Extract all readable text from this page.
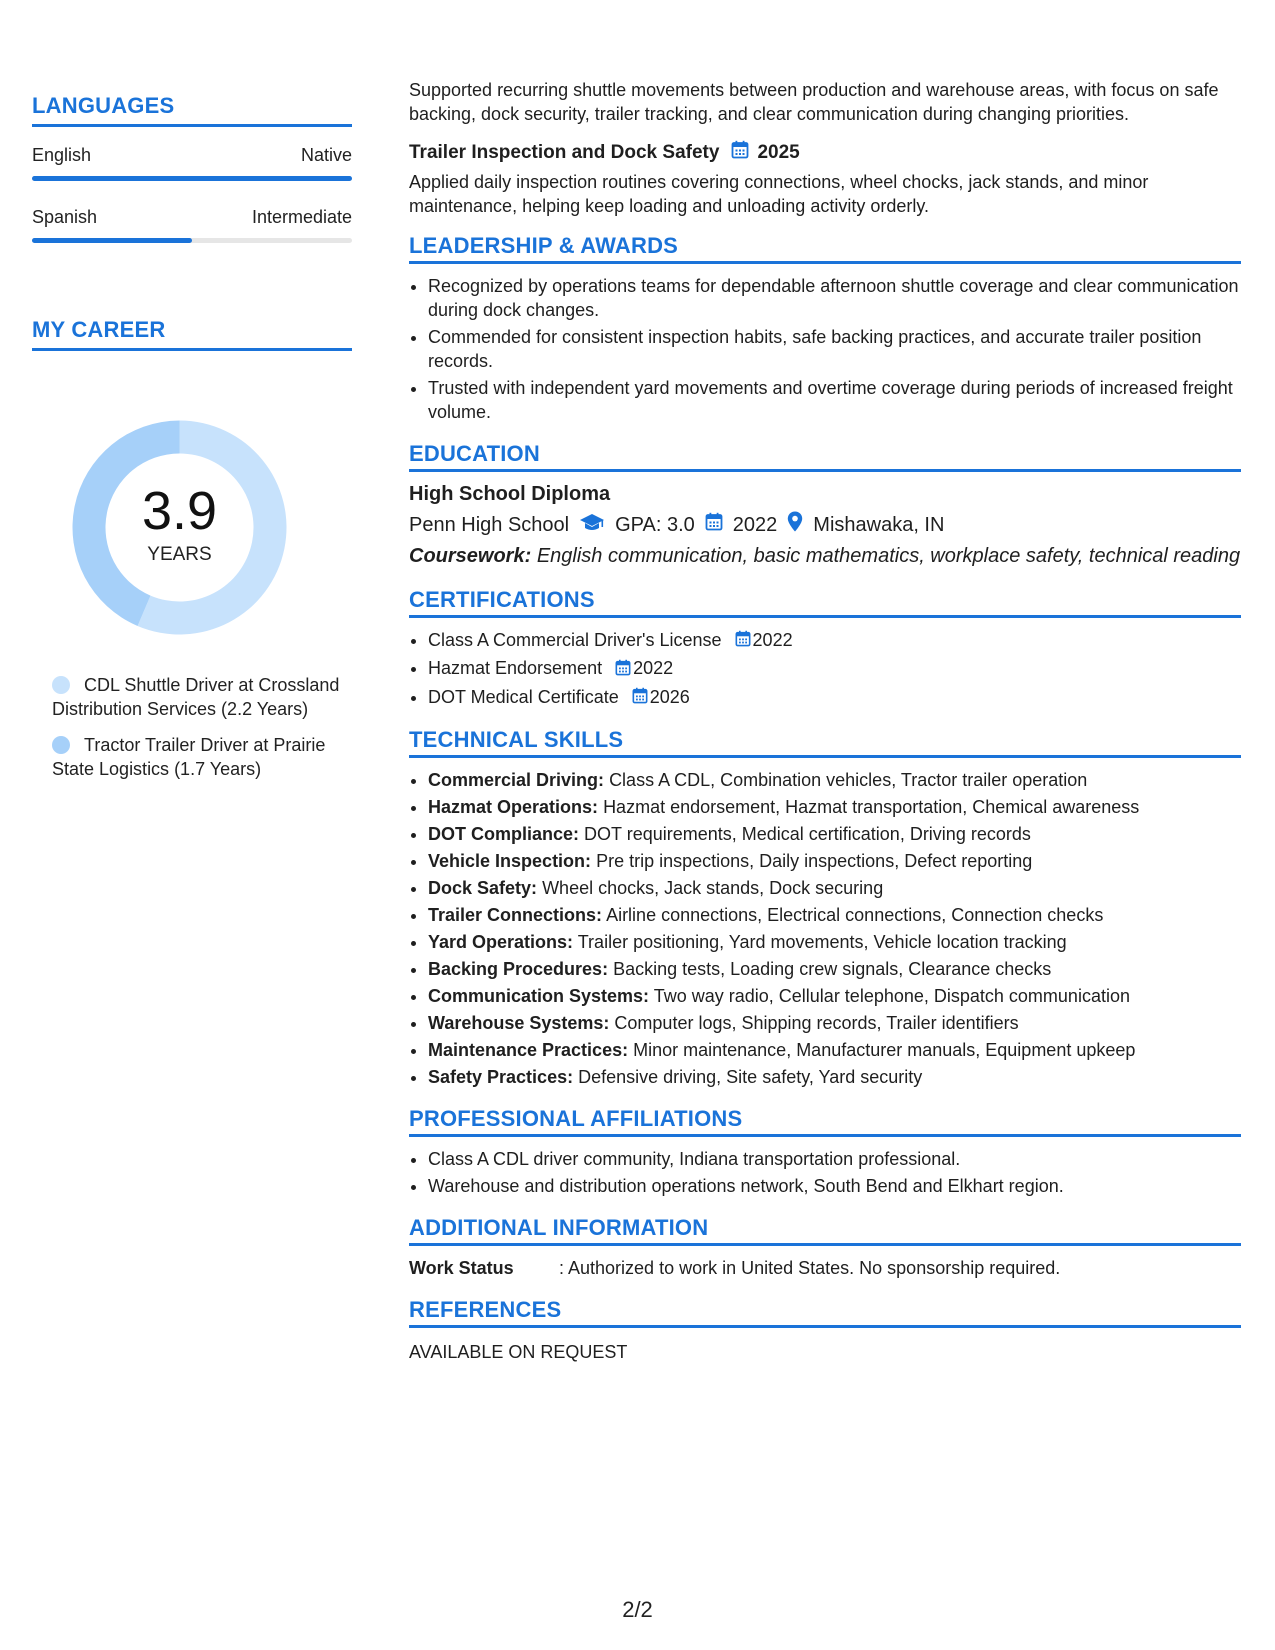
LANGUAGES
English	Native
Spanish	Intermediate
MY CAREER
3.9
YEARS
CDL Shuttle Driver at Crossland Distribution Services (2.2 Years)
Tractor Trailer Driver at Prairie State Logistics (1.7 Years)

Supported recurring shuttle movements between production and warehouse areas, with focus on safe backing, dock security, trailer tracking, and clear communication during changing priorities.

Trailer Inspection and Dock Safety 2025

Applied daily inspection routines covering connections, wheel chocks, jack stands, and minor maintenance, helping keep loading and unloading activity orderly.

LEADERSHIP & AWARDS
• Recognized by operations teams for dependable afternoon shuttle coverage and clear communication during dock changes.
• Commended for consistent inspection habits, safe backing practices, and accurate trailer position records.
• Trusted with independent yard movements and overtime coverage during periods of increased freight volume.
EDUCATION
High School Diploma
Penn High School GPA: 3.0 2022 Mishawaka, IN

Coursework: English communication, basic mathematics, workplace safety, technical reading

CERTIFICATIONS
• Class A Commercial Driver's License 2022
• Hazmat Endorsement 2022
• DOT Medical Certificate 2026
TECHNICAL SKILLS
• Commercial Driving: Class A CDL, Combination vehicles, Tractor trailer operation
• Hazmat Operations: Hazmat endorsement, Hazmat transportation, Chemical awareness
• DOT Compliance: DOT requirements, Medical certification, Driving records
• Vehicle Inspection: Pre trip inspections, Daily inspections, Defect reporting
• Dock Safety: Wheel chocks, Jack stands, Dock securing
• Trailer Connections: Airline connections, Electrical connections, Connection checks
• Yard Operations: Trailer positioning, Yard movements, Vehicle location tracking
• Backing Procedures: Backing tests, Loading crew signals, Clearance checks
• Communication Systems: Two way radio, Cellular telephone, Dispatch communication
• Warehouse Systems: Computer logs, Shipping records, Trailer identifiers
• Maintenance Practices: Minor maintenance, Manufacturer manuals, Equipment upkeep
• Safety Practices: Defensive driving, Site safety, Yard security
PROFESSIONAL AFFILIATIONS
• Class A CDL driver community, Indiana transportation professional.
• Warehouse and distribution operations network, South Bend and Elkhart region.
ADDITIONAL INFORMATION
Work Status	: Authorized to work in United States. No sponsorship required.
REFERENCES
AVAILABLE ON REQUEST
2/2
